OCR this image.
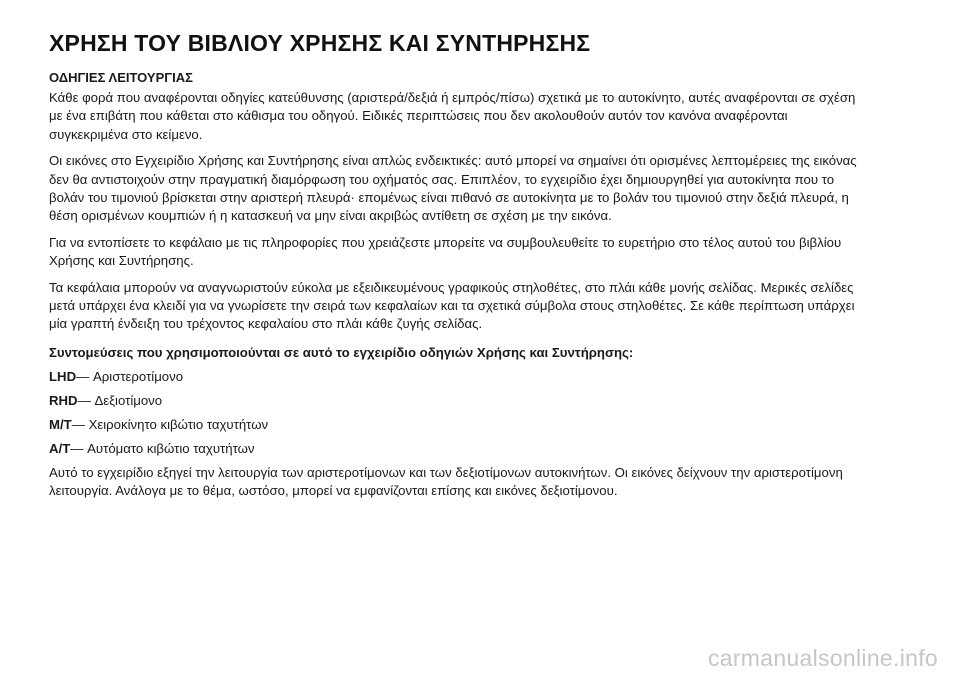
ΧΡΗΣΗ ΤΟΥ ΒΙΒΛΙΟΥ ΧΡΗΣΗΣ ΚΑΙ ΣΥΝΤΗΡΗΣΗΣ
ΟΔΗΓΙΕΣ ΛΕΙΤΟΥΡΓΙΑΣ

Κάθε φορά που αναφέρονται οδηγίες κατεύθυνσης (αριστερά/δεξιά ή εμπρός/πίσω) σχετικά με το αυτοκίνητο, αυτές αναφέρονται σε σχέση με ένα επιβάτη που κάθεται στο κάθισμα του οδηγού. Ειδικές περιπτώσεις που δεν ακολουθούν αυτόν τον κανόνα αναφέρονται συγκεκριμένα στο κείμενο.

Οι εικόνες στο Εγχειρίδιο Χρήσης και Συντήρησης είναι απλώς ενδεικτικές: αυτό μπορεί να σημαίνει ότι ορισμένες λεπτομέρειες της εικόνας δεν θα αντιστοιχούν στην πραγματική διαμόρφωση του οχήματός σας. Επιπλέον, το εγχειρίδιο έχει δημιουργηθεί για αυτοκίνητα που το βολάν του τιμονιού βρίσκεται στην αριστερή πλευρά· επομένως είναι πιθανό σε αυτοκίνητα με το βολάν του τιμονιού στην δεξιά πλευρά, η θέση ορισμένων κουμπιών ή η κατασκευή να μην είναι ακριβώς αντίθετη σε σχέση με την εικόνα.

Για να εντοπίσετε το κεφάλαιο με τις πληροφορίες που χρειάζεστε μπορείτε να συμβουλευθείτε το ευρετήριο στο τέλος αυτού του βιβλίου Χρήσης και Συντήρησης.

Τα κεφάλαια μπορούν να αναγνωριστούν εύκολα με εξειδικευμένους γραφικούς στηλοθέτες, στο πλάι κάθε μονής σελίδας. Μερικές σελίδες μετά υπάρχει ένα κλειδί για να γνωρίσετε την σειρά των κεφαλαίων και τα σχετικά σύμβολα στους στηλοθέτες. Σε κάθε περίπτωση υπάρχει μία γραπτή ένδειξη του τρέχοντος κεφαλαίου στο πλάι κάθε ζυγής σελίδας.

Συντομεύσεις που χρησιμοποιούνται σε αυτό το εγχειρίδιο οδηγιών Χρήσης και Συντήρησης:
LHD— Αριστεροτίμονο
RHD— Δεξιοτίμονο
M/T— Χειροκίνητο κιβώτιο ταχυτήτων
A/T— Αυτόματο κιβώτιο ταχυτήτων

Αυτό το εγχειρίδιο εξηγεί την λειτουργία των αριστεροτίμονων και των δεξιοτίμονων αυτοκινήτων. Οι εικόνες δείχνουν την αριστεροτίμονη λειτουργία. Ανάλογα με το θέμα, ωστόσο, μπορεί να εμφανίζονται επίσης και εικόνες δεξιοτίμονου.

carmanualsonline.info
